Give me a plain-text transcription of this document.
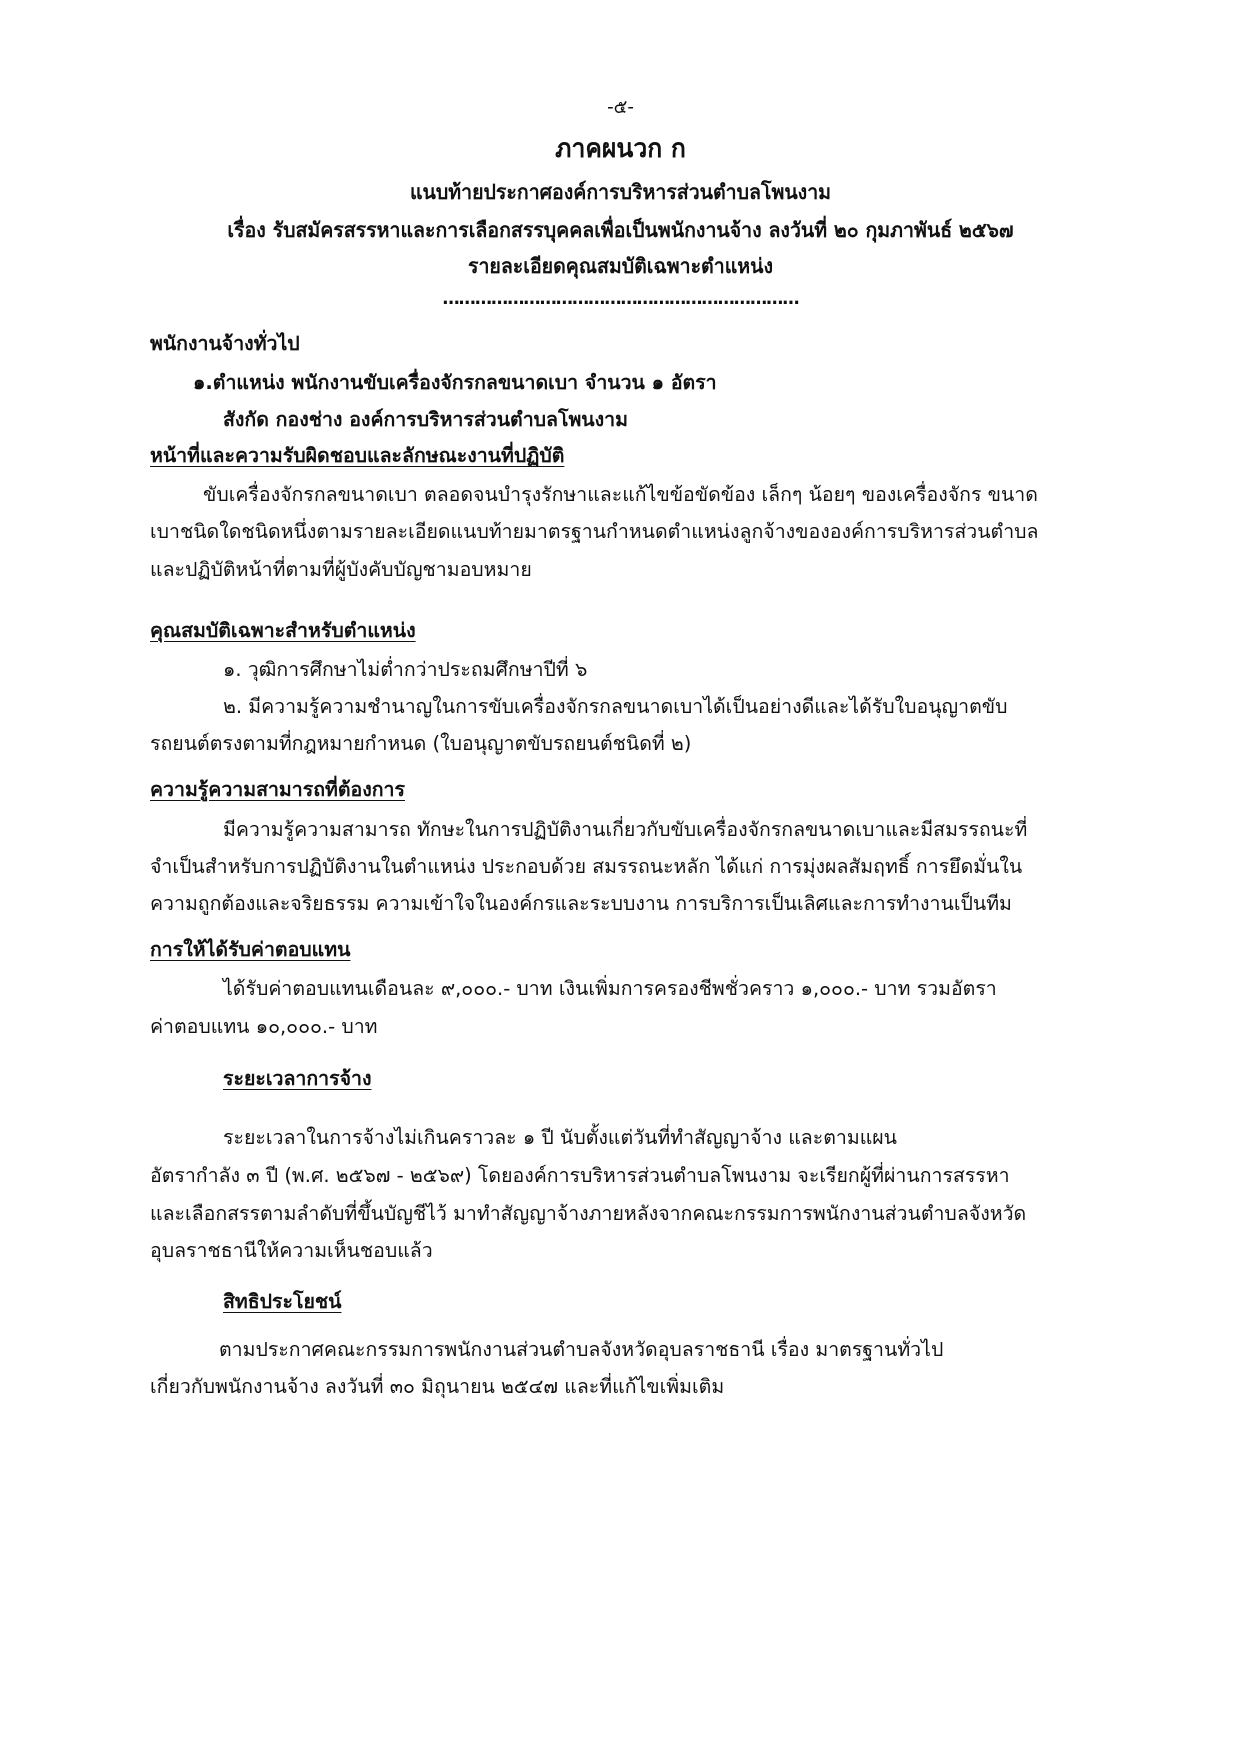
-๕-
ภาคผนวก ก
แนบท้ายประกาศองค์การบริหารส่วนตำบลโพนงาม
เรื่อง รับสมัครสรรหาและการเลือกสรรบุคคลเพื่อเป็นพนักงานจ้าง ลงวันที่ ๒๐ กุมภาพันธ์ ๒๕๖๗
รายละเอียดคุณสมบัติเฉพาะตำแหน่ง
…………………………………………………………
พนักงานจ้างทั่วไป
๑.ตำแหน่ง พนักงานขับเครื่องจักรกลขนาดเบา จำนวน ๑ อัตรา
สังกัด กองช่าง องค์การบริหารส่วนตำบลโพนงาม
หน้าที่และความรับผิดชอบและลักษณะงานที่ปฏิบัติ
ขับเครื่องจักรกลขนาดเบา ตลอดจนบำรุงรักษาและแก้ไขข้อขัดข้อง เล็กๆ น้อยๆ ของเครื่องจักร ขนาด
เบาชนิดใดชนิดหนึ่งตามรายละเอียดแนบท้ายมาตรฐานกำหนดตำแหน่งลูกจ้างขององค์การบริหารส่วนตำบล
และปฏิบัติหน้าที่ตามที่ผู้บังคับบัญชามอบหมาย
คุณสมบัติเฉพาะสำหรับตำแหน่ง
๑. วุฒิการศึกษาไม่ต่ำกว่าประถมศึกษาปีที่ ๖
๒. มีความรู้ความชำนาญในการขับเครื่องจักรกลขนาดเบาได้เป็นอย่างดีและได้รับใบอนุญาตขับ
รถยนต์ตรงตามที่กฎหมายกำหนด (ใบอนุญาตขับรถยนต์ชนิดที่ ๒)
ความรู้ความสามารถที่ต้องการ
มีความรู้ความสามารถ ทักษะในการปฏิบัติงานเกี่ยวกับขับเครื่องจักรกลขนาดเบาและมีสมรรถนะที่
จำเป็นสำหรับการปฏิบัติงานในตำแหน่ง ประกอบด้วย สมรรถนะหลัก ได้แก่ การมุ่งผลสัมฤทธิ์ การยึดมั่นใน
ความถูกต้องและจริยธรรม ความเข้าใจในองค์กรและระบบงาน การบริการเป็นเลิศและการทำงานเป็นทีม
การให้ได้รับค่าตอบแทน
ได้รับค่าตอบแทนเดือนละ ๙,๐๐๐.- บาท เงินเพิ่มการครองชีพชั่วคราว ๑,๐๐๐.- บาท รวมอัตรา
ค่าตอบแทน ๑๐,๐๐๐.- บาท
ระยะเวลาการจ้าง
ระยะเวลาในการจ้างไม่เกินคราวละ ๑ ปี นับตั้งแต่วันที่ทำสัญญาจ้าง และตามแผน
อัตรากำลัง ๓ ปี (พ.ศ. ๒๕๖๗ - ๒๕๖๙) โดยองค์การบริหารส่วนตำบลโพนงาม จะเรียกผู้ที่ผ่านการสรรหา
และเลือกสรรตามลำดับที่ขึ้นบัญชีไว้ มาทำสัญญาจ้างภายหลังจากคณะกรรมการพนักงานส่วนตำบลจังหวัด
อุบลราชธานีให้ความเห็นชอบแล้ว
สิทธิประโยชน์
ตามประกาศคณะกรรมการพนักงานส่วนตำบลจังหวัดอุบลราชธานี เรื่อง มาตรฐานทั่วไป
เกี่ยวกับพนักงานจ้าง ลงวันที่ ๓๐ มิถุนายน ๒๕๔๗ และที่แก้ไขเพิ่มเติม
